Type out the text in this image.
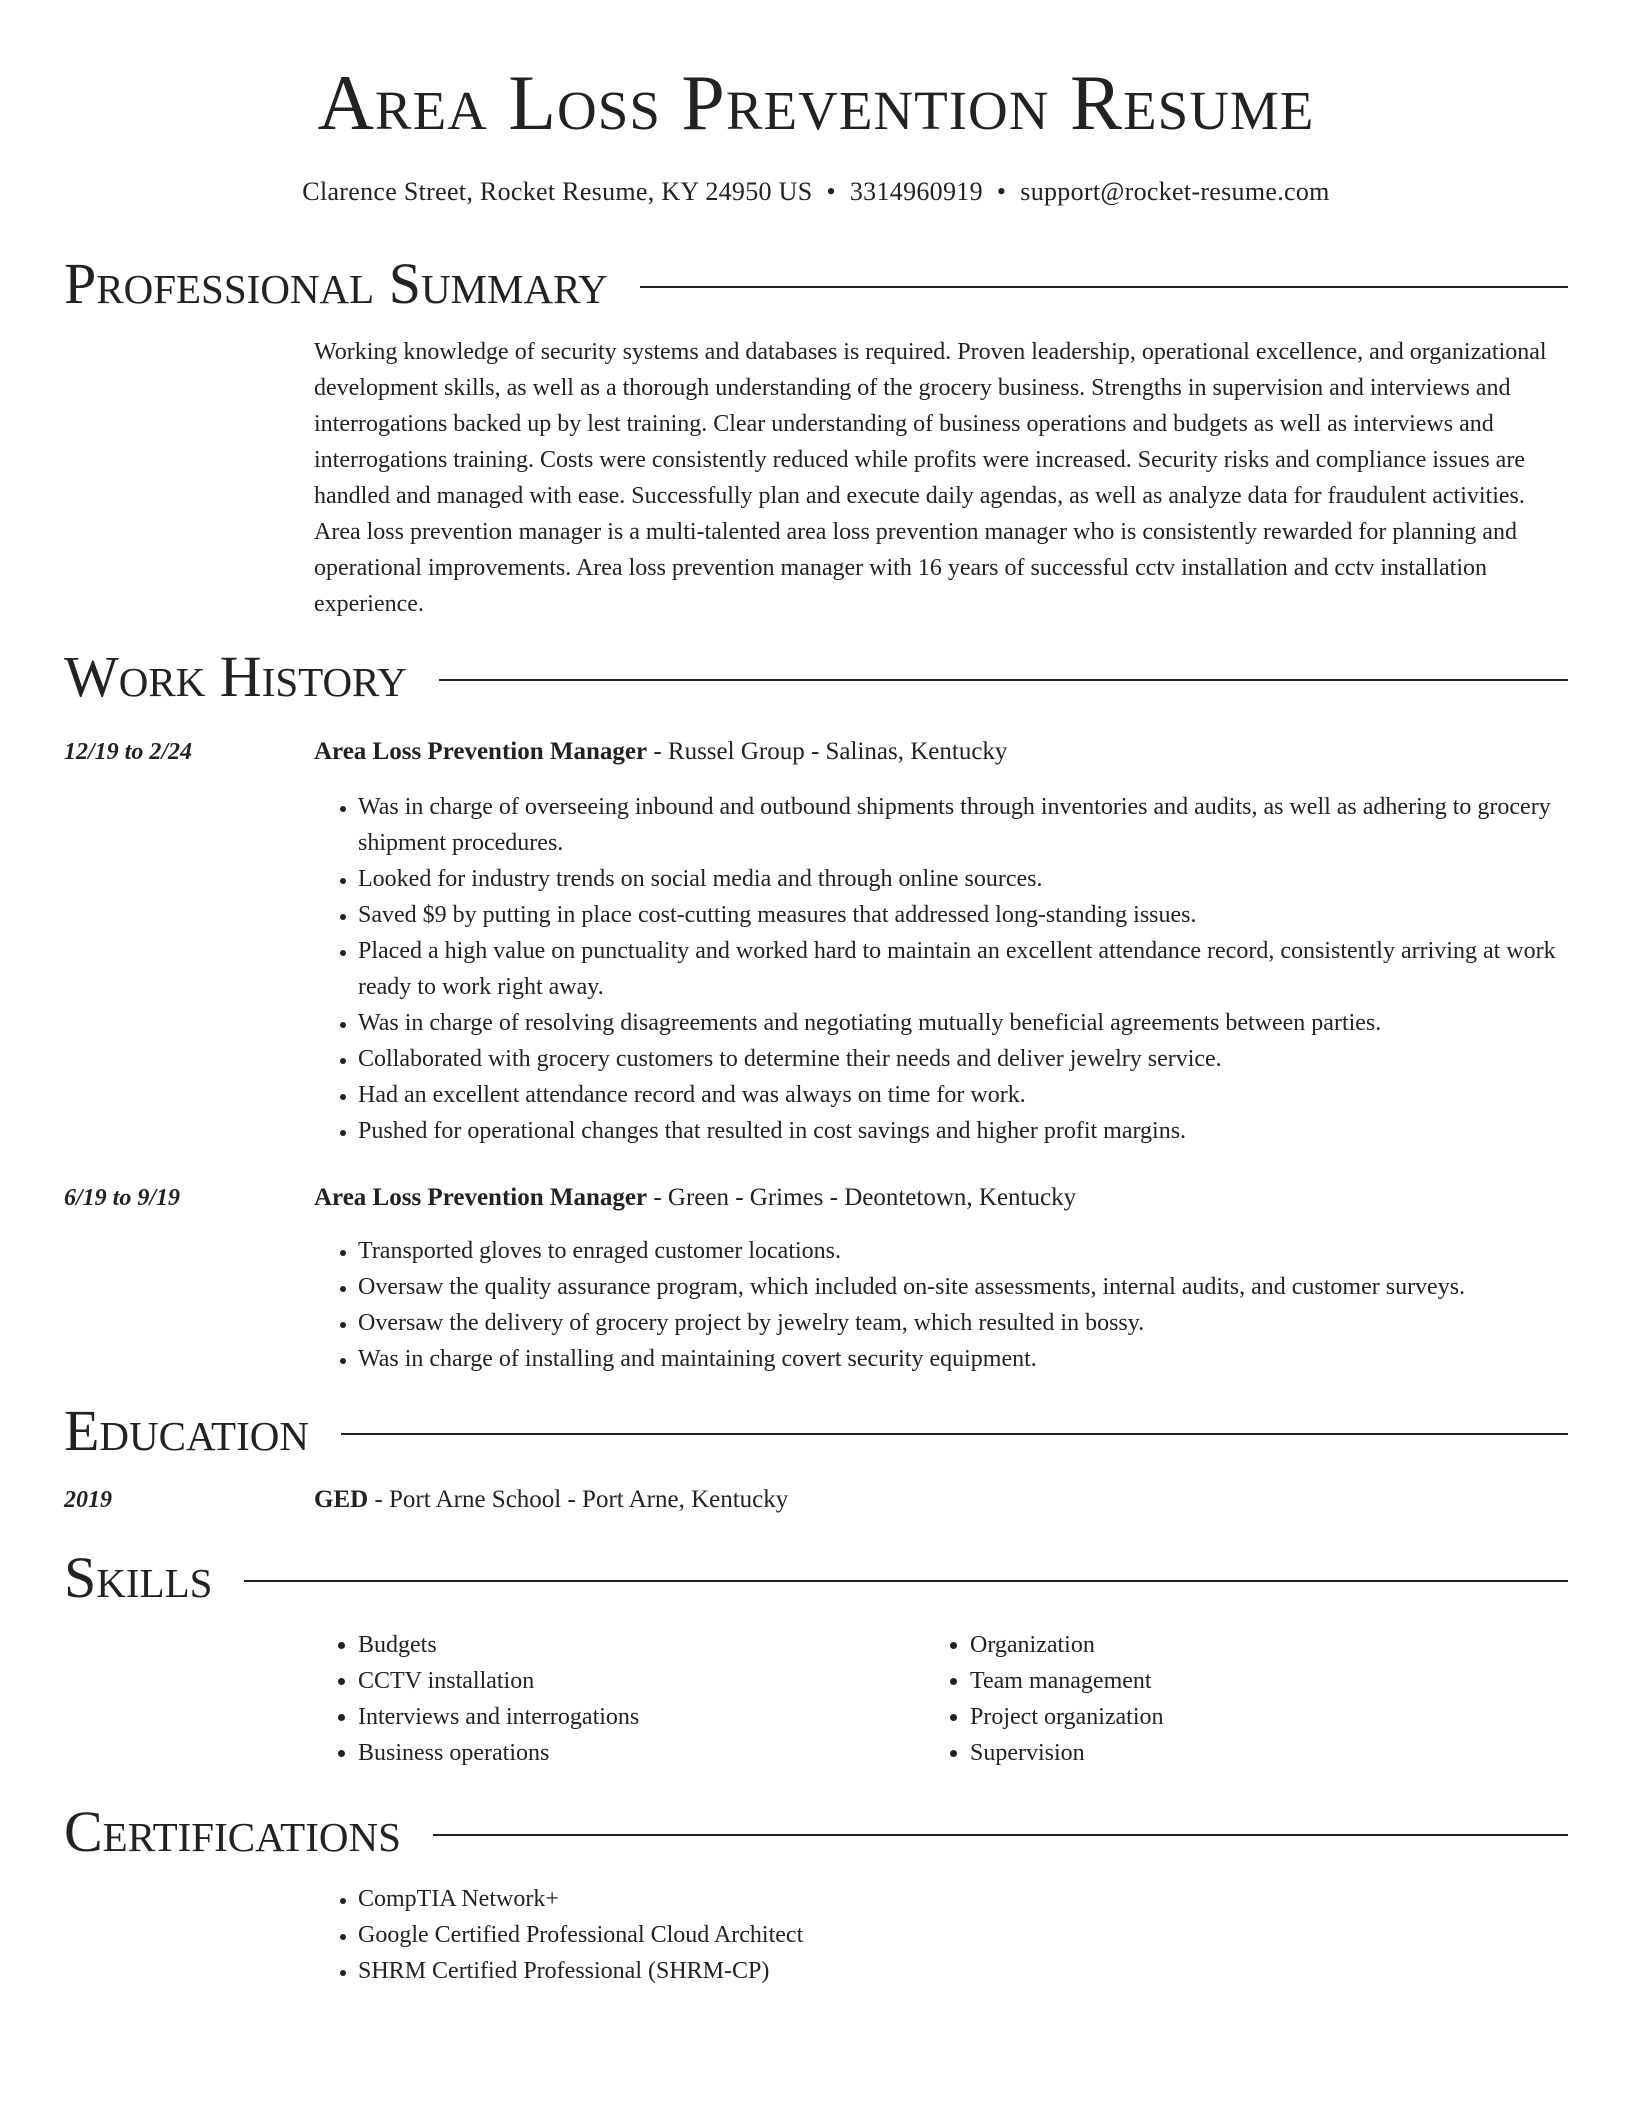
Area Loss Prevention Resume
Clarence Street, Rocket Resume, KY 24950 US • 3314960919 • support@rocket-resume.com
Professional Summary
Working knowledge of security systems and databases is required. Proven leadership, operational excellence, and organizational development skills, as well as a thorough understanding of the grocery business. Strengths in supervision and interviews and interrogations backed up by lest training. Clear understanding of business operations and budgets as well as interviews and interrogations training. Costs were consistently reduced while profits were increased. Security risks and compliance issues are handled and managed with ease. Successfully plan and execute daily agendas, as well as analyze data for fraudulent activities. Area loss prevention manager is a multi-talented area loss prevention manager who is consistently rewarded for planning and operational improvements. Area loss prevention manager with 16 years of successful cctv installation and cctv installation experience.
Work History
12/19 to 2/24	Area Loss Prevention Manager - Russel Group - Salinas, Kentucky
• Was in charge of overseeing inbound and outbound shipments through inventories and audits, as well as adhering to grocery shipment procedures.
• Looked for industry trends on social media and through online sources.
• Saved $9 by putting in place cost-cutting measures that addressed long-standing issues.
• Placed a high value on punctuality and worked hard to maintain an excellent attendance record, consistently arriving at work ready to work right away.
• Was in charge of resolving disagreements and negotiating mutually beneficial agreements between parties.
• Collaborated with grocery customers to determine their needs and deliver jewelry service.
• Had an excellent attendance record and was always on time for work.
• Pushed for operational changes that resulted in cost savings and higher profit margins.
6/19 to 9/19	Area Loss Prevention Manager - Green - Grimes - Deontetown, Kentucky
• Transported gloves to enraged customer locations.
• Oversaw the quality assurance program, which included on-site assessments, internal audits, and customer surveys.
• Oversaw the delivery of grocery project by jewelry team, which resulted in bossy.
• Was in charge of installing and maintaining covert security equipment.
Education
2019	GED - Port Arne School - Port Arne, Kentucky
Skills
• Budgets
• CCTV installation
• Interviews and interrogations
• Business operations
• Organization
• Team management
• Project organization
• Supervision
Certifications
• CompTIA Network+
• Google Certified Professional Cloud Architect
• SHRM Certified Professional (SHRM-CP)
